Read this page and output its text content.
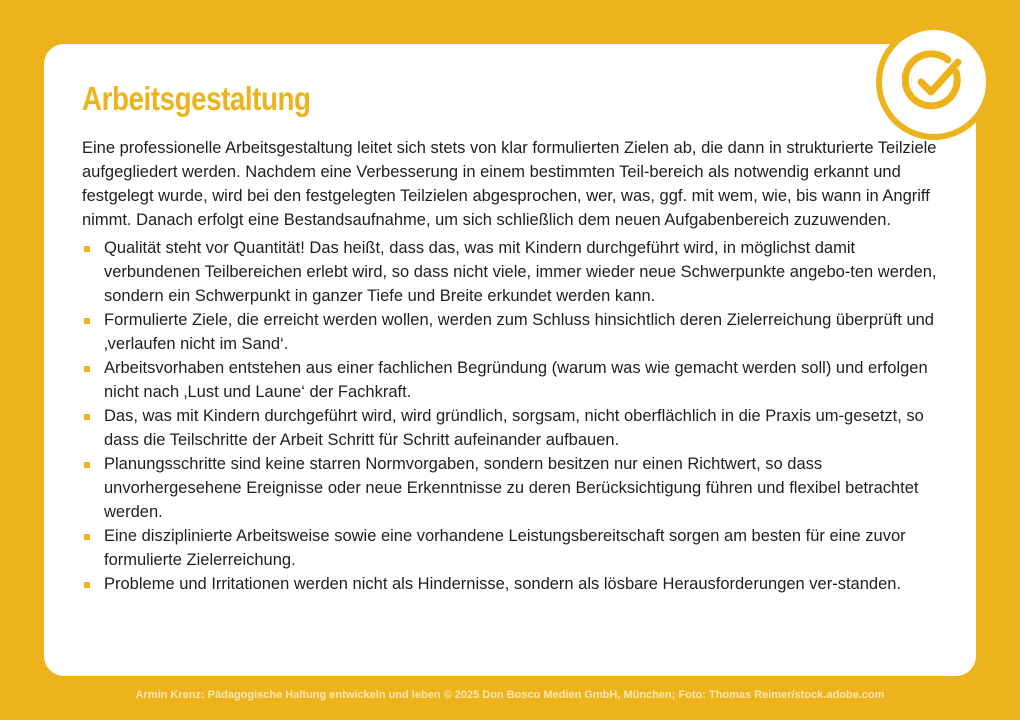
Arbeitsgestaltung

Eine professionelle Arbeitsgestaltung leitet sich stets von klar formulierten Zielen ab, die dann in strukturierte Teilziele aufgegliedert werden. Nachdem eine Verbesserung in einem bestimmten Teil-bereich als notwendig erkannt und festgelegt wurde, wird bei den festgelegten Teilzielen abgesprochen, wer, was, ggf. mit wem, wie, bis wann in Angriff nimmt. Danach erfolgt eine Bestandsaufnahme, um sich schließlich dem neuen Aufgabenbereich zuzuwenden.

Qualität steht vor Quantität! Das heißt, dass das, was mit Kindern durchgeführt wird, in möglichst damit verbundenen Teilbereichen erlebt wird, so dass nicht viele, immer wieder neue Schwerpunkte angebo-ten werden, sondern ein Schwerpunkt in ganzer Tiefe und Breite erkundet werden kann.
Formulierte Ziele, die erreicht werden wollen, werden zum Schluss hinsichtlich deren Zielerreichung überprüft und ‚verlaufen nicht im Sand‘.
Arbeitsvorhaben entstehen aus einer fachlichen Begründung (warum was wie gemacht werden soll) und erfolgen nicht nach ‚Lust und Laune‘ der Fachkraft.
Das, was mit Kindern durchgeführt wird, wird gründlich, sorgsam, nicht oberflächlich in die Praxis um-gesetzt, so dass die Teilschritte der Arbeit Schritt für Schritt aufeinander aufbauen.
Planungsschritte sind keine starren Normvorgaben, sondern besitzen nur einen Richtwert, so dass unvorhergesehene Ereignisse oder neue Erkenntnisse zu deren Berücksichtigung führen und flexibel betrachtet werden.
Eine disziplinierte Arbeitsweise sowie eine vorhandene Leistungsbereitschaft sorgen am besten für eine zuvor formulierte Zielerreichung.
Probleme und Irritationen werden nicht als Hindernisse, sondern als lösbare Herausforderungen ver-standen.
Armin Krenz: Pädagogische Haltung entwickeln und leben © 2025 Don Bosco Medien GmbH, München; Foto: Thomas Reimer/stock.adobe.com
